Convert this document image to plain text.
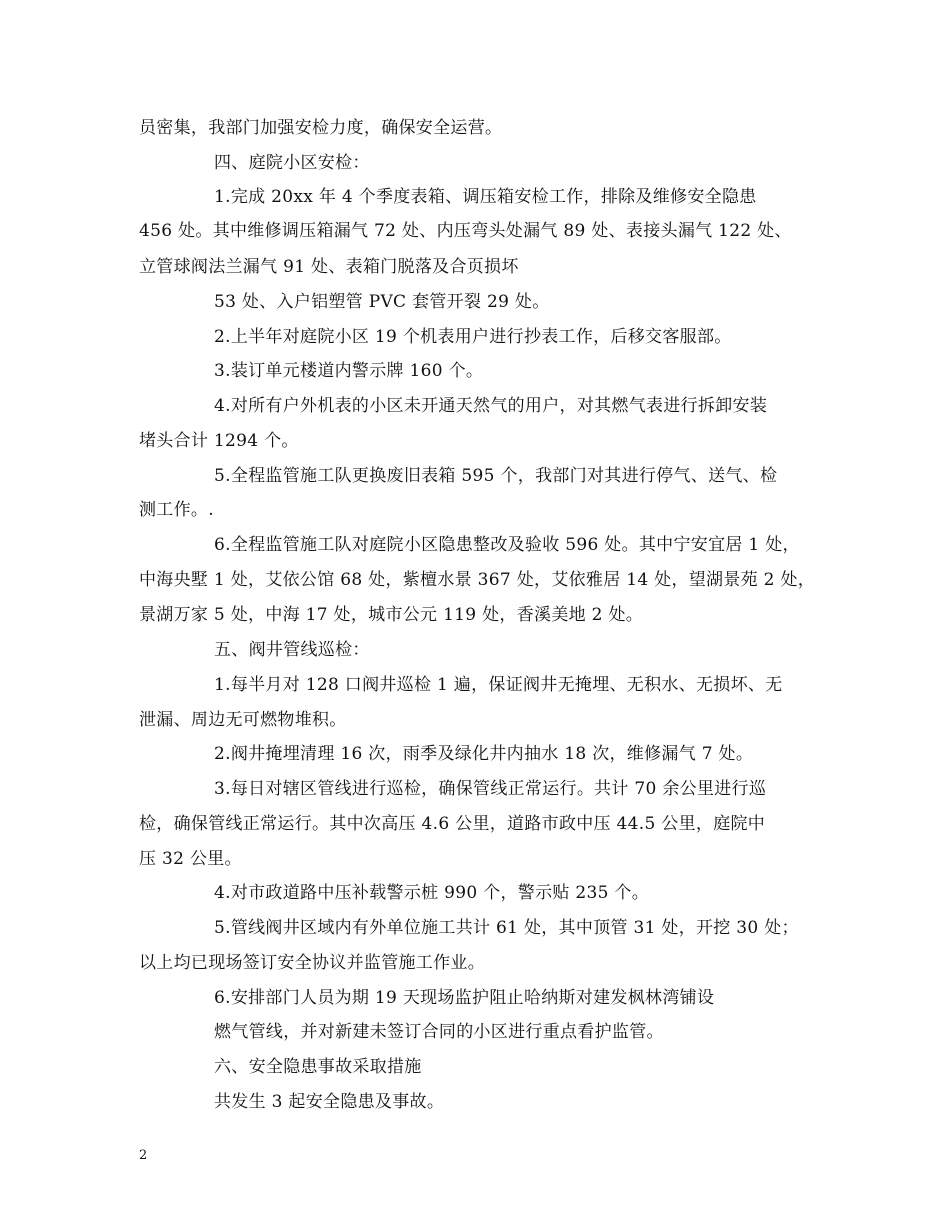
员密集，我部门加强安检力度，确保安全运营。
四、庭院小区安检：
1.完成 20xx 年 4 个季度表箱、调压箱安检工作，排除及维修安全隐患
456 处。其中维修调压箱漏气 72 处、内压弯头处漏气 89 处、表接头漏气 122 处、
立管球阀法兰漏气 91 处、表箱门脱落及合页损坏
53 处、入户铝塑管 PVC 套管开裂 29 处。
2.上半年对庭院小区 19 个机表用户进行抄表工作，后移交客服部。
3.装订单元楼道内警示牌 160 个。
4.对所有户外机表的小区未开通天然气的用户，对其燃气表进行拆卸安装
堵头合计 1294 个。
5.全程监管施工队更换废旧表箱 595 个，我部门对其进行停气、送气、检
测工作。.
6.全程监管施工队对庭院小区隐患整改及验收 596 处。其中宁安宜居 1 处，
中海央墅 1 处，艾依公馆 68 处，紫檀水景 367 处，艾依雅居 14 处，望湖景苑 2 处，
景湖万家 5 处，中海 17 处，城市公元 119 处，香溪美地 2 处。
五、阀井管线巡检：
1.每半月对 128 口阀井巡检 1 遍，保证阀井无掩埋、无积水、无损坏、无
泄漏、周边无可燃物堆积。
2.阀井掩埋清理 16 次，雨季及绿化井内抽水 18 次，维修漏气 7 处。
3.每日对辖区管线进行巡检，确保管线正常运行。共计 70 余公里进行巡
检，确保管线正常运行。其中次高压 4.6 公里，道路市政中压 44.5 公里，庭院中
压 32 公里。
4.对市政道路中压补载警示桩 990 个，警示贴 235 个。
5.管线阀井区域内有外单位施工共计 61 处，其中顶管 31 处，开挖 30 处；
以上均已现场签订安全协议并监管施工作业。
6.安排部门人员为期 19 天现场监护阻止哈纳斯对建发枫林湾铺设
燃气管线，并对新建未签订合同的小区进行重点看护监管。
六、安全隐患事故采取措施
共发生 3 起安全隐患及事故。
2
